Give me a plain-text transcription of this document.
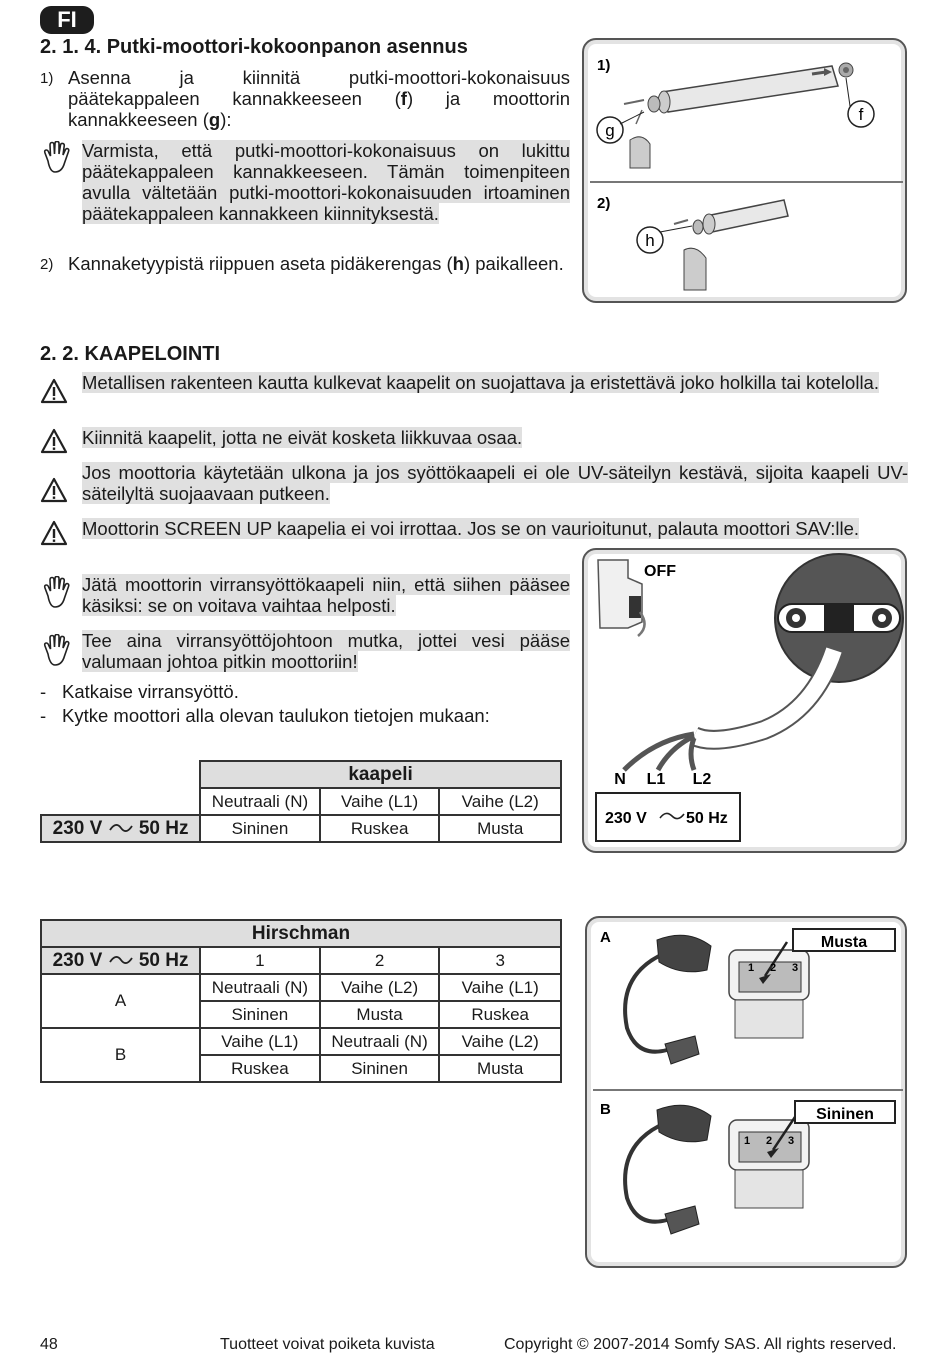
FI
2. 1. 4. Putki-moottori-kokoonpanon asennus
1) Asenna ja kiinnitä putki-moottori-kokonaisuus päätekappaleen kannakkeeseen (f) ja moottorin kannakkeeseen (g):
Varmista, että putki-moottori-kokonaisuus on lukittu päätekappaleen kannakkeeseen. Tämän toimenpiteen avulla vältetään putki-moottori-kokonaisuuden irtoaminen päätekappaleen kannakkeen kiinnityksestä.
2) Kannaketyypistä riippuen aseta pidäkerengas (h) paikalleen.
1)
2)
g
f
h
2. 2. KAAPELOINTI
Metallisen rakenteen kautta kulkevat kaapelit on suojattava ja eristettävä joko holkilla tai kotelolla.
Kiinnitä kaapelit, jotta ne eivät kosketa liikkuvaa osaa.
Jos moottoria käytetään ulkona ja jos syöttökaapeli ei ole UV-säteilyn kestävä, sijoita kaapeli UV-säteilyltä suojaavaan putkeen.
Moottorin SCREEN UP kaapelia ei voi irrottaa. Jos se on vaurioitunut, palauta moottori SAV:lle.
Jätä moottorin virransyöttökaapeli niin, että siihen pääsee käsiksi: se on voitava vaihtaa helposti.
Tee aina virransyöttöjohtoon mutka, jottei vesi pääse valumaan johtoa pitkin moottoriin!
- Katkaise virransyöttö.
- Kytke moottori alla olevan taulukon tietojen mukaan:
OFF
N L1 L2
230 V 50 Hz
	kaapeli		
	Neutraali (N)	Vaihe (L1)	Vaihe (L2)
230 V 50 Hz	Sininen	Ruskea	Musta
Hirschman			
230 V 50 Hz	1	2	3
A	Neutraali (N)	Vaihe (L2)	Vaihe (L1)
	Sininen	Musta	Ruskea
B	Vaihe (L1)	Neutraali (N)	Vaihe (L2)
	Ruskea	Sininen	Musta
A
1 2 3
Musta
B
1 2 3
Sininen
48	Tuotteet voivat poiketa kuvista	Copyright © 2007-2014 Somfy SAS. All rights reserved.
